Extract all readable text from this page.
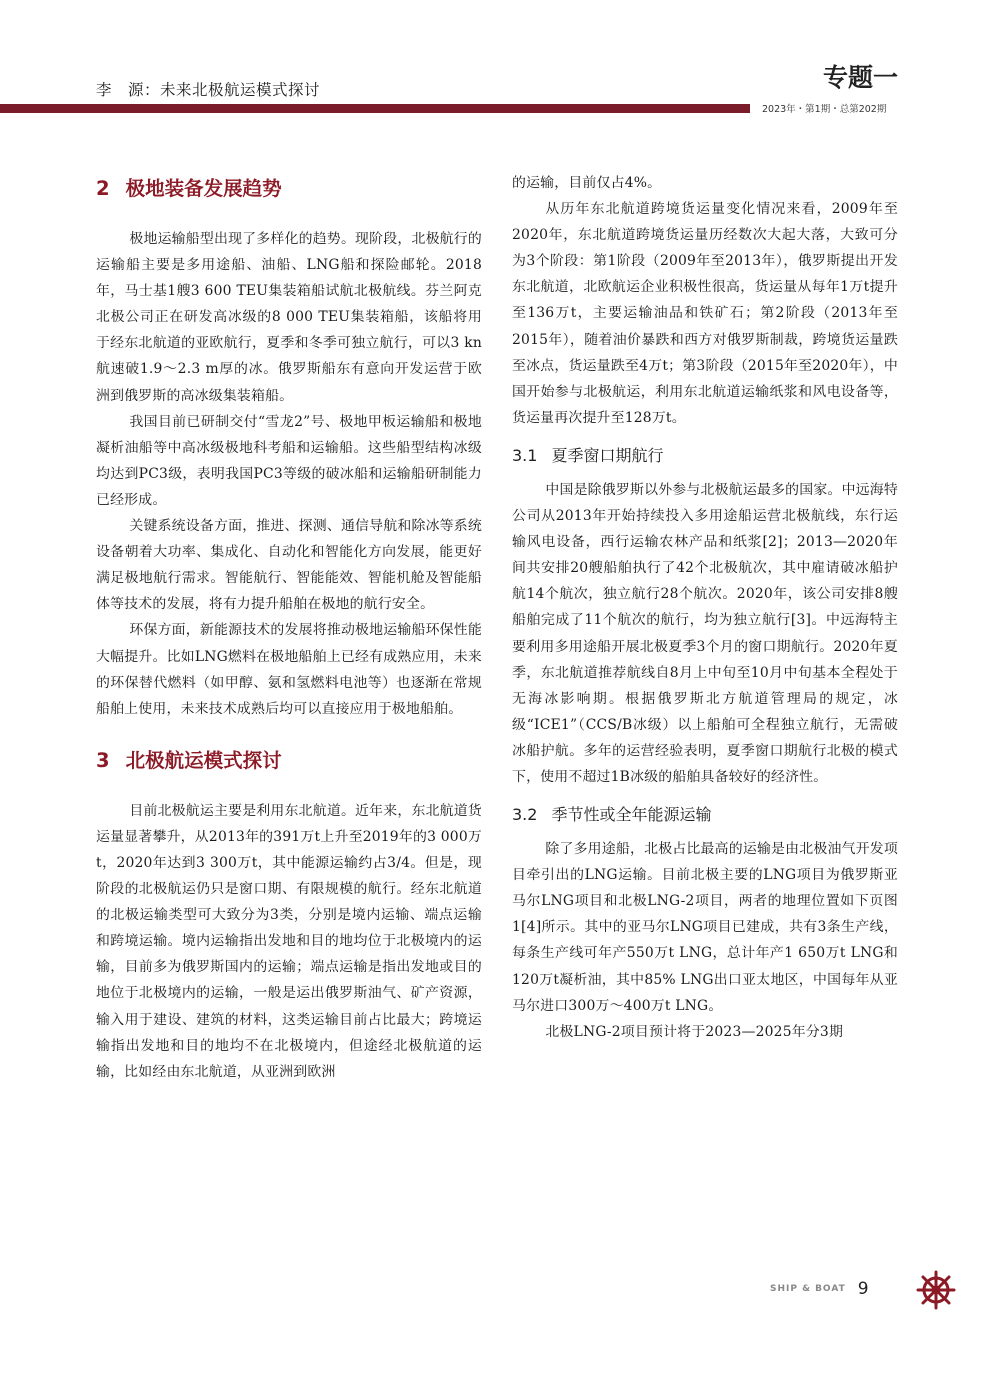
李　源：未来北极航运模式探讨	专题一
2023年・第1期・总第202期
2 极地装备发展趋势

极地运输船型出现了多样化的趋势。现阶段，北极航行的运输船主要是多用途船、油船、LNG船和探险邮轮。2018年，马士基1艘3 600 TEU集装箱船试航北极航线。芬兰阿克北极公司正在研发高冰级的8 000 TEU集装箱船，该船将用于经东北航道的亚欧航行，夏季和冬季可独立航行，可以3 kn航速破1.9～2.3 m厚的冰。俄罗斯船东有意向开发运营于欧洲到俄罗斯的高冰级集装箱船。

我国目前已研制交付“雪龙2”号、极地甲板运输船和极地凝析油船等中高冰级极地科考船和运输船。这些船型结构冰级均达到PC3级，表明我国PC3等级的破冰船和运输船研制能力已经形成。

关键系统设备方面，推进、探测、通信导航和除冰等系统设备朝着大功率、集成化、自动化和智能化方向发展，能更好满足极地航行需求。智能航行、智能能效、智能机舱及智能船体等技术的发展，将有力提升船舶在极地的航行安全。

环保方面，新能源技术的发展将推动极地运输船环保性能大幅提升。比如LNG燃料在极地船舶上已经有成熟应用，未来的环保替代燃料（如甲醇、氨和氢燃料电池等）也逐渐在常规船舶上使用，未来技术成熟后均可以直接应用于极地船舶。

3 北极航运模式探讨

目前北极航运主要是利用东北航道。近年来，东北航道货运量显著攀升，从2013年的391万t上升至2019年的3 000万t，2020年达到3 300万t，其中能源运输约占3/4。但是，现阶段的北极航运仍只是窗口期、有限规模的航行。经东北航道的北极运输类型可大致分为3类，分别是境内运输、端点运输和跨境运输。境内运输指出发地和目的地均位于北极境内的运输，目前多为俄罗斯国内的运输；端点运输是指出发地或目的地位于北极境内的运输，一般是运出俄罗斯油气、矿产资源，输入用于建设、建筑的材料，这类运输目前占比最大；跨境运输指出发地和目的地均不在北极境内，但途经北极航道的运输，比如经由东北航道，从亚洲到欧洲

的运输，目前仅占4%。

从历年东北航道跨境货运量变化情况来看，2009年至2020年，东北航道跨境货运量历经数次大起大落，大致可分为3个阶段：第1阶段（2009年至2013年），俄罗斯提出开发东北航道，北欧航运企业积极性很高，货运量从每年1万t提升至136万t，主要运输油品和铁矿石；第2阶段（2013年至2015年），随着油价暴跌和西方对俄罗斯制裁，跨境货运量跌至冰点，货运量跌至4万t；第3阶段（2015年至2020年），中国开始参与北极航运，利用东北航道运输纸浆和风电设备等，货运量再次提升至128万t。

3.1 夏季窗口期航行

中国是除俄罗斯以外参与北极航运最多的国家。中远海特公司从2013年开始持续投入多用途船运营北极航线，东行运输风电设备，西行运输农林产品和纸浆[2]；2013—2020年间共安排20艘船舶执行了42个北极航次，其中雇请破冰船护航14个航次，独立航行28个航次。2020年，该公司安排8艘船舶完成了11个航次的航行，均为独立航行[3]。中远海特主要利用多用途船开展北极夏季3个月的窗口期航行。2020年夏季，东北航道推荐航线自8月上中旬至10月中旬基本全程处于无海冰影响期。根据俄罗斯北方航道管理局的规定，冰级“ICE1”（CCS/B冰级）以上船舶可全程独立航行，无需破冰船护航。多年的运营经验表明，夏季窗口期航行北极的模式下，使用不超过1B冰级的船舶具备较好的经济性。

3.2 季节性或全年能源运输

除了多用途船，北极占比最高的运输是由北极油气开发项目牵引出的LNG运输。目前北极主要的LNG项目为俄罗斯亚马尔LNG项目和北极LNG-2项目，两者的地理位置如下页图1[4]所示。其中的亚马尔LNG项目已建成，共有3条生产线，每条生产线可年产550万t LNG，总计年产1 650万t LNG和120万t凝析油，其中85% LNG出口亚太地区，中国每年从亚马尔进口300万～400万t LNG。

北极LNG-2项目预计将于2023—2025年分3期

SHIP & BOAT 9
